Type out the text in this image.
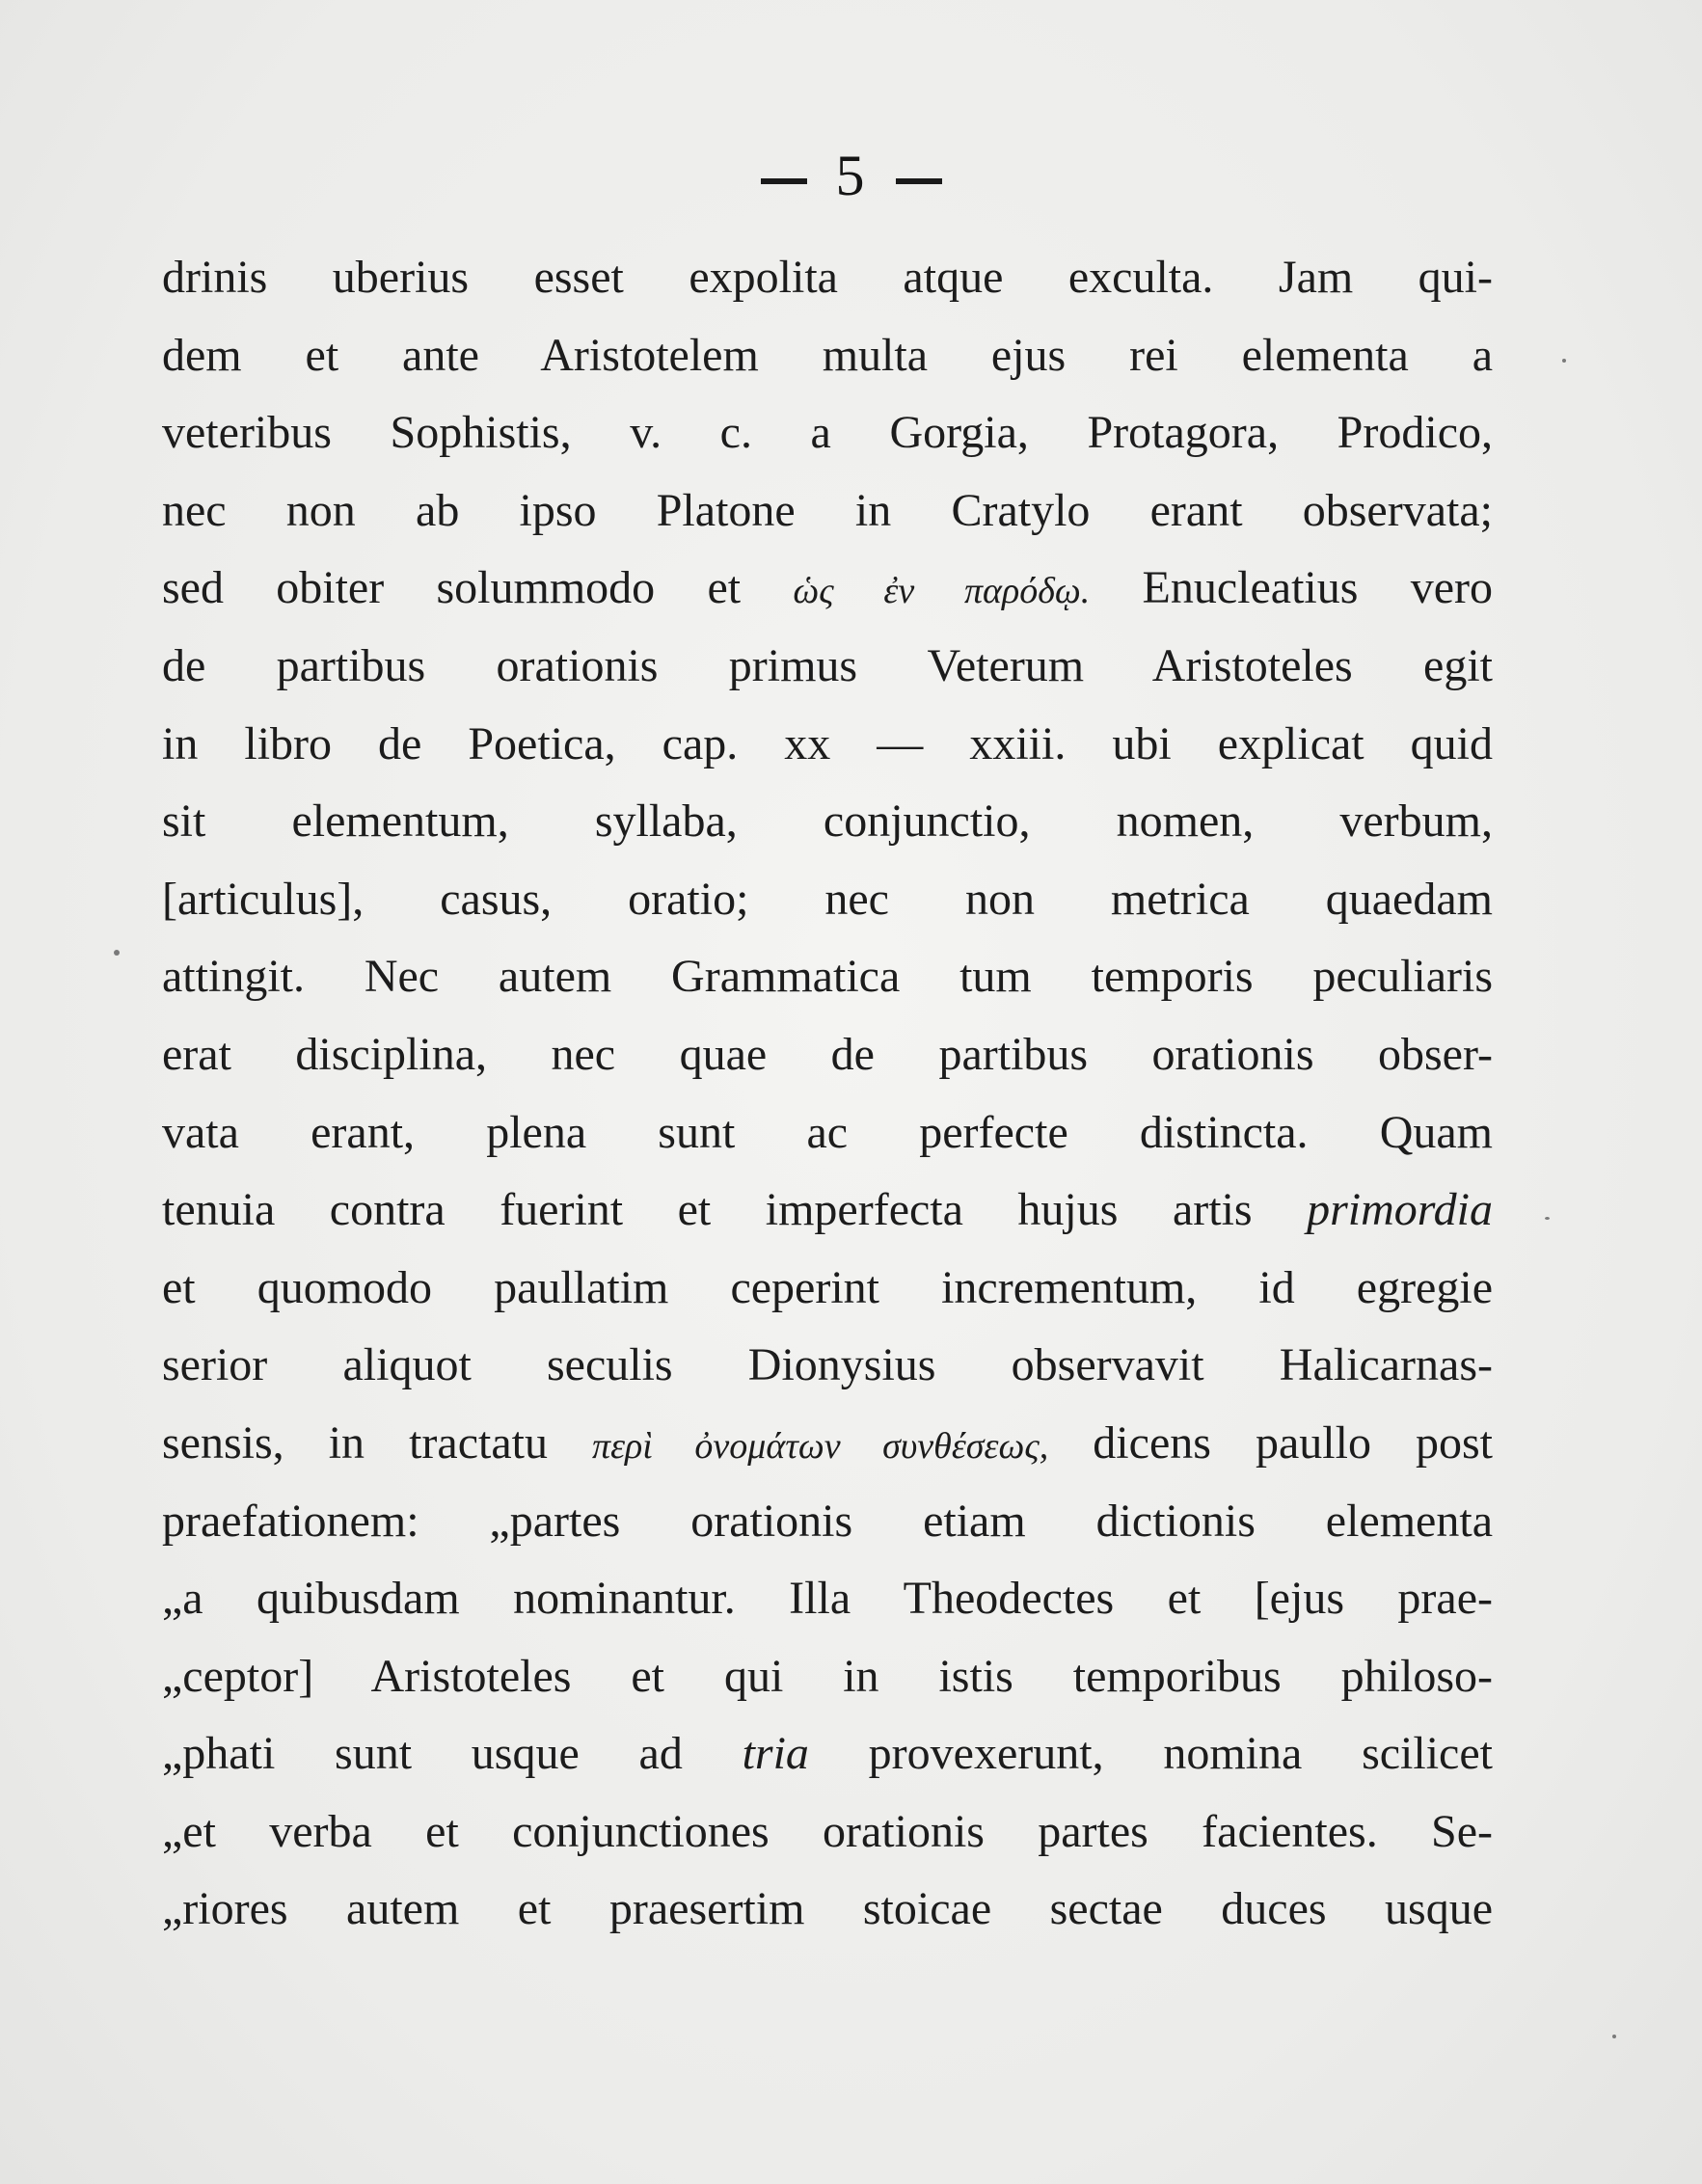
5
drinis uberius esset expolita atque exculta. Jam qui-
dem et ante Aristotelem multa ejus rei elementa a
veteribus Sophistis, v. c. a Gorgia, Protagora, Prodico,
nec non ab ipso Platone in Cratylo erant observata;
sed obiter solummodo et ὡς ἐν παρόδῳ. Enucleatius vero
de partibus orationis primus Veterum Aristoteles egit
in libro de Poetica, cap. xx — xxiii. ubi explicat quid
sit elementum, syllaba, conjunctio, nomen, verbum,
[articulus], casus, oratio; nec non metrica quaedam
attingit. Nec autem Grammatica tum temporis peculiaris
erat disciplina, nec quae de partibus orationis obser-
vata erant, plena sunt ac perfecte distincta. Quam
tenuia contra fuerint et imperfecta hujus artis primordia
et quomodo paullatim ceperint incrementum, id egregie
serior aliquot seculis Dionysius observavit Halicarnas-
sensis, in tractatu περὶ ὀνομάτων συνθέσεως, dicens paullo post
praefationem: „partes orationis etiam dictionis elementa
„a quibusdam nominantur. Illa Theodectes et [ejus prae-
„ceptor] Aristoteles et qui in istis temporibus philoso-
„phati sunt usque ad tria provexerunt, nomina scilicet
„et verba et conjunctiones orationis partes facientes. Se-
„riores autem et praesertim stoicae sectae duces usque
